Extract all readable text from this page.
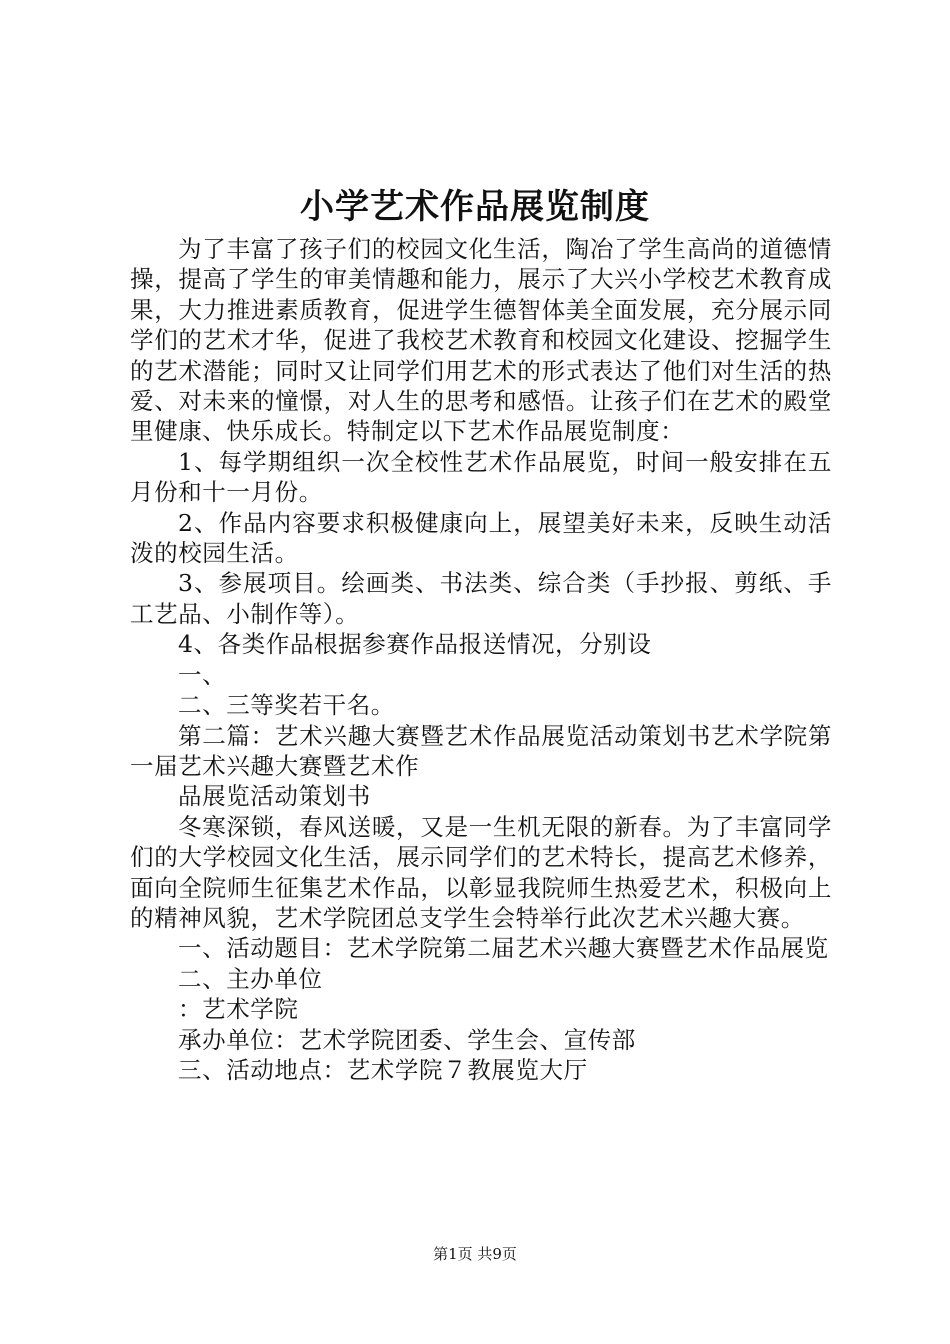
小学艺术作品展览制度

为了丰富了孩子们的校园文化生活，陶冶了学生高尚的道德情操，提高了学生的审美情趣和能力，展示了大兴小学校艺术教育成果，大力推进素质教育，促进学生德智体美全面发展，充分展示同学们的艺术才华，促进了我校艺术教育和校园文化建设、挖掘学生的艺术潜能；同时又让同学们用艺术的形式表达了他们对生活的热爱、对未来的憧憬，对人生的思考和感悟。让孩子们在艺术的殿堂里健康、快乐成长。特制定以下艺术作品展览制度：

1、每学期组织一次全校性艺术作品展览，时间一般安排在五月份和十一月份。

2、作品内容要求积极健康向上，展望美好未来，反映生动活泼的校园生活。

3、参展项目。绘画类、书法类、综合类（手抄报、剪纸、手工艺品、小制作等）。

4、各类作品根据参赛作品报送情况，分别设

一、

二、三等奖若干名。

第二篇：艺术兴趣大赛暨艺术作品展览活动策划书艺术学院第一届艺术兴趣大赛暨艺术作

品展览活动策划书

冬寒深锁，春风送暖，又是一生机无限的新春。为了丰富同学们的大学校园文化生活，展示同学们的艺术特长，提高艺术修养，面向全院师生征集艺术作品，以彰显我院师生热爱艺术，积极向上的精神风貌，艺术学院团总支学生会特举行此次艺术兴趣大赛。

一、活动题目：艺术学院第二届艺术兴趣大赛暨艺术作品展览

二、主办单位

：艺术学院

承办单位：艺术学院团委、学生会、宣传部

三、活动地点：艺术学院７教展览大厅

第1页 共9页
